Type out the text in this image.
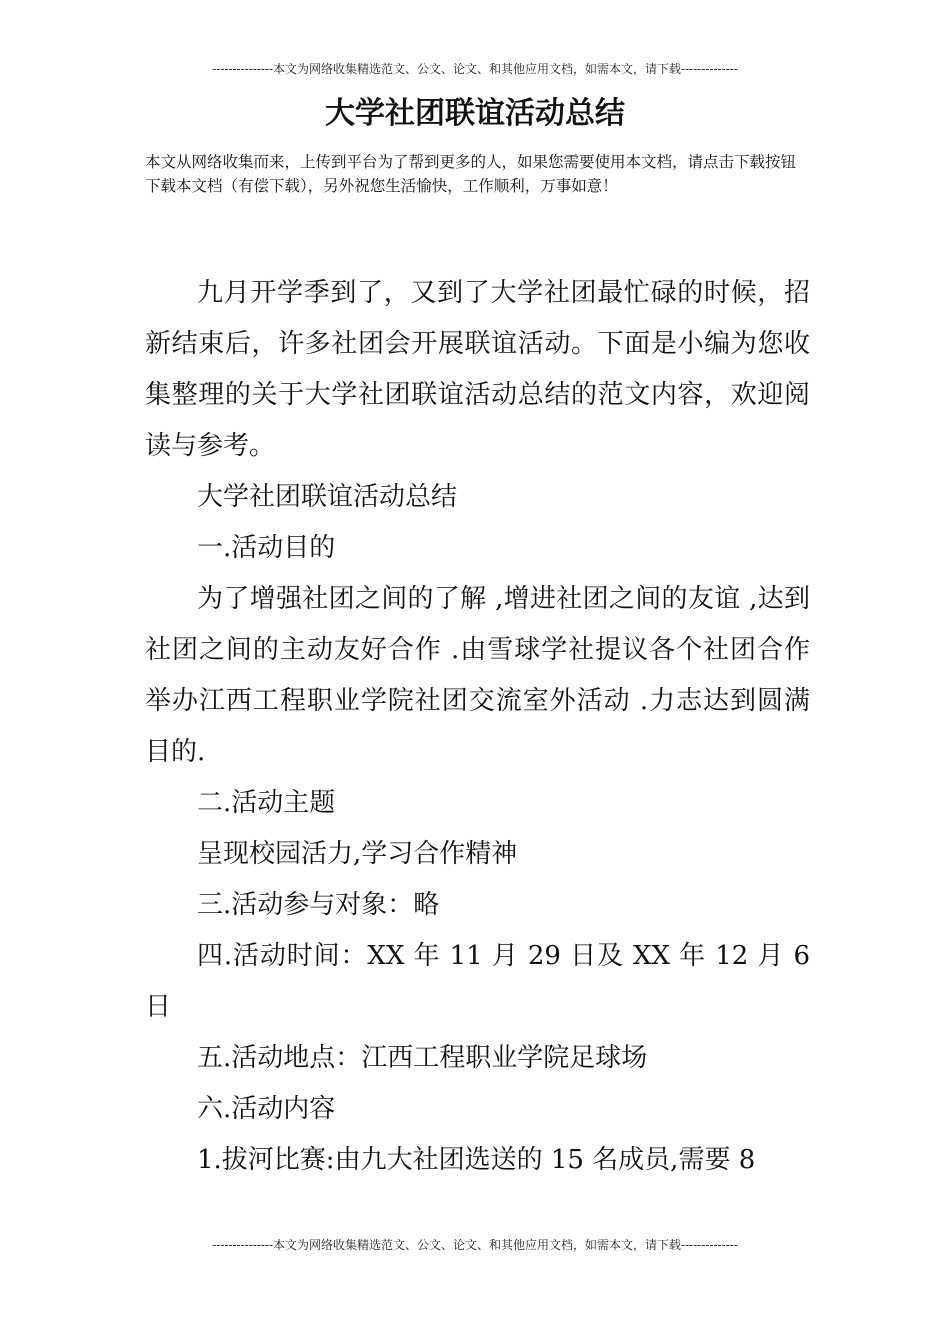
---------------本文为网络收集精选范文、公文、论文、和其他应用文档，如需本文，请下载--------------
大学社团联谊活动总结
本文从网络收集而来，上传到平台为了帮到更多的人，如果您需要使用本文档，请点击下载按钮下载本文档（有偿下载），另外祝您生活愉快，工作顺利，万事如意！

九月开学季到了，又到了大学社团最忙碌的时候，招新结束后，许多社团会开展联谊活动。下面是小编为您收集整理的关于大学社团联谊活动总结的范文内容，欢迎阅读与参考。

大学社团联谊活动总结

一.活动目的

为了增强社团之间的了解 ,增进社团之间的友谊 ,达到社团之间的主动友好合作 .由雪球学社提议各个社团合作举办江西工程职业学院社团交流室外活动 .力志达到圆满目的.

二.活动主题

呈现校园活力,学习合作精神

三.活动参与对象：略

四.活动时间：XX 年 11 月 29 日及 XX 年 12 月 6 日

五.活动地点：江西工程职业学院足球场

六.活动内容

1.拔河比赛:由九大社团选送的 15 名成员,需要 8

---------------本文为网络收集精选范文、公文、论文、和其他应用文档，如需本文，请下载--------------
